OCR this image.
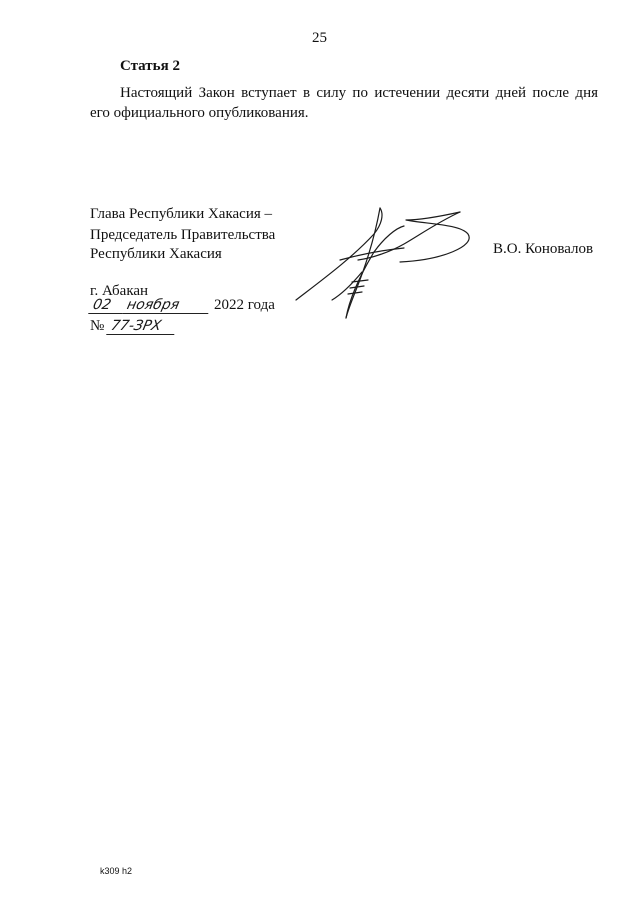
25
Статья 2
Настоящий Закон вступает в силу по истечении десяти дней после дня
его официального опубликования.
Глава Республики Хакасия –
Председатель Правительства
Республики Хакасия	В.О. Коновалов
г. Абакан
02 ноября	2022 года
№ 77-ЗРХ
k309 h2
